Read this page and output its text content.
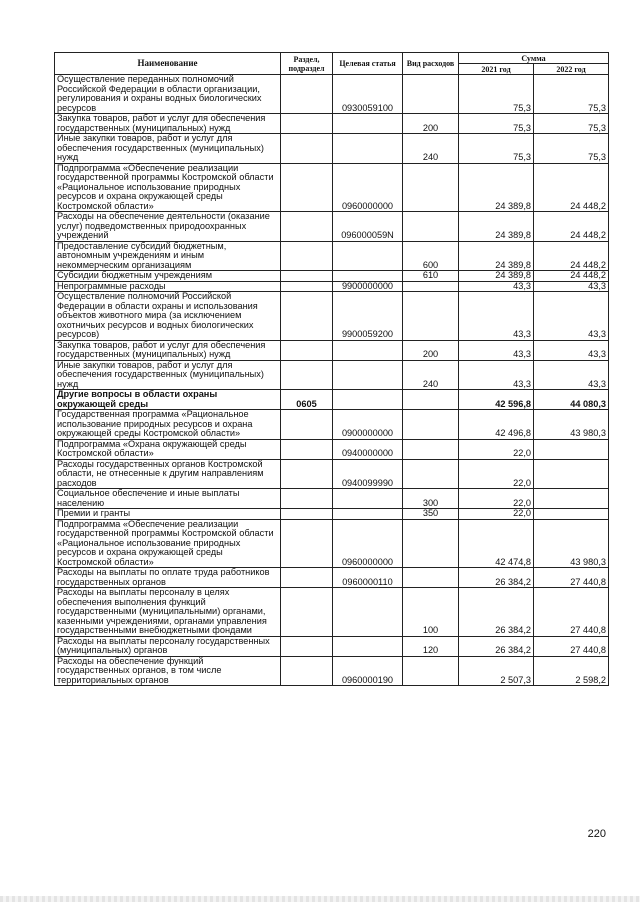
Наименование	Раздел, подраздел	Целевая статья	Вид расходов	Сумма	
				2021 год	2022 год
Осуществление переданных полномочий Российской Федерации в области организации, регулирования и охраны водных биологических ресурсов		0930059100		75,3	75,3
Закупка товаров, работ и услуг для обеспечения государственных (муниципальных) нужд			200	75,3	75,3
Иные закупки товаров, работ и услуг для обеспечения государственных (муниципальных) нужд			240	75,3	75,3
Подпрограмма «Обеспечение реализации государственной программы Костромской области «Рациональное использование природных ресурсов и охрана окружающей среды Костромской области»		0960000000		24 389,8	24 448,2
Расходы на обеспечение деятельности (оказание услуг) подведомственных природоохранных учреждений		096000059N		24 389,8	24 448,2
Предоставление субсидий бюджетным, автономным учреждениям и иным некоммерческим организациям			600	24 389,8	24 448,2
Субсидии бюджетным учреждениям			610	24 389,8	24 448,2
Непрограммные расходы		9900000000		43,3	43,3
Осуществление полномочий Российской Федерации в области охраны и использования объектов животного мира (за исключением охотничьих ресурсов и водных биологических ресурсов)		9900059200		43,3	43,3
Закупка товаров, работ и услуг для обеспечения государственных (муниципальных) нужд			200	43,3	43,3
Иные закупки товаров, работ и услуг для обеспечения государственных (муниципальных) нужд			240	43,3	43,3
Другие вопросы в области охраны окружающей среды	0605			42 596,8	44 080,3
Государственная программа «Рациональное использование природных ресурсов и охрана окружающей среды Костромской области»		0900000000		42 496,8	43 980,3
Подпрограмма «Охрана окружающей среды Костромской области»		0940000000		22,0	
Расходы государственных органов Костромской области, не отнесенные к другим направлениям расходов		0940099990		22,0	
Социальное обеспечение и иные выплаты населению			300	22,0	
Премии и гранты			350	22,0	
Подпрограмма «Обеспечение реализации государственной программы Костромской области «Рациональное использование природных ресурсов и охрана окружающей среды Костромской области»		0960000000		42 474,8	43 980,3
Расходы на выплаты по оплате труда работников государственных органов		0960000110		26 384,2	27 440,8
Расходы на выплаты персоналу в целях обеспечения выполнения функций государственными (муниципальными) органами, казенными учреждениями, органами управления государственными внебюджетными фондами			100	26 384,2	27 440,8
Расходы на выплаты персоналу государственных (муниципальных) органов			120	26 384,2	27 440,8
Расходы на обеспечение функций государственных органов, в том числе территориальных органов		0960000190		2 507,3	2 598,2
220
